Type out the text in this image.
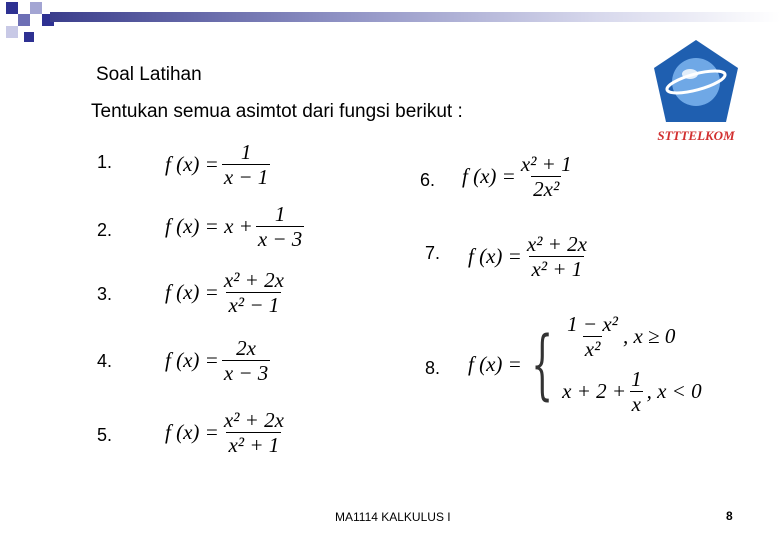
STTTELKOM
Soal Latihan
Tentukan semua asimtot dari fungsi berikut :
1.	f $(x) = \frac{1}{x - 1}$
2.	f $(x) = x + \frac{1}{x - 3}$
3.	f $(x) = \frac{\text{x² + 2x}}{\text{x² − 1}}$
4.	f $(x) = \frac{2x}{x - 3}$
5.	f $(x) = \frac{\text{x² + 2x}}{\text{x² + 1}}$
6. f $(x) = \frac{\text{x² + 1}}{\text{2x²}}$
7. f $(x) = \frac{\text{x² + 2x}}{\text{x² + 1}}$
8. f (x) = { $\frac{\text{1 − x²}}{\text{x²}}$ , x ≥ 0
$x + 2 + \frac{1}{x}$ , x < 0
MA1114 KALKULUS I	8
